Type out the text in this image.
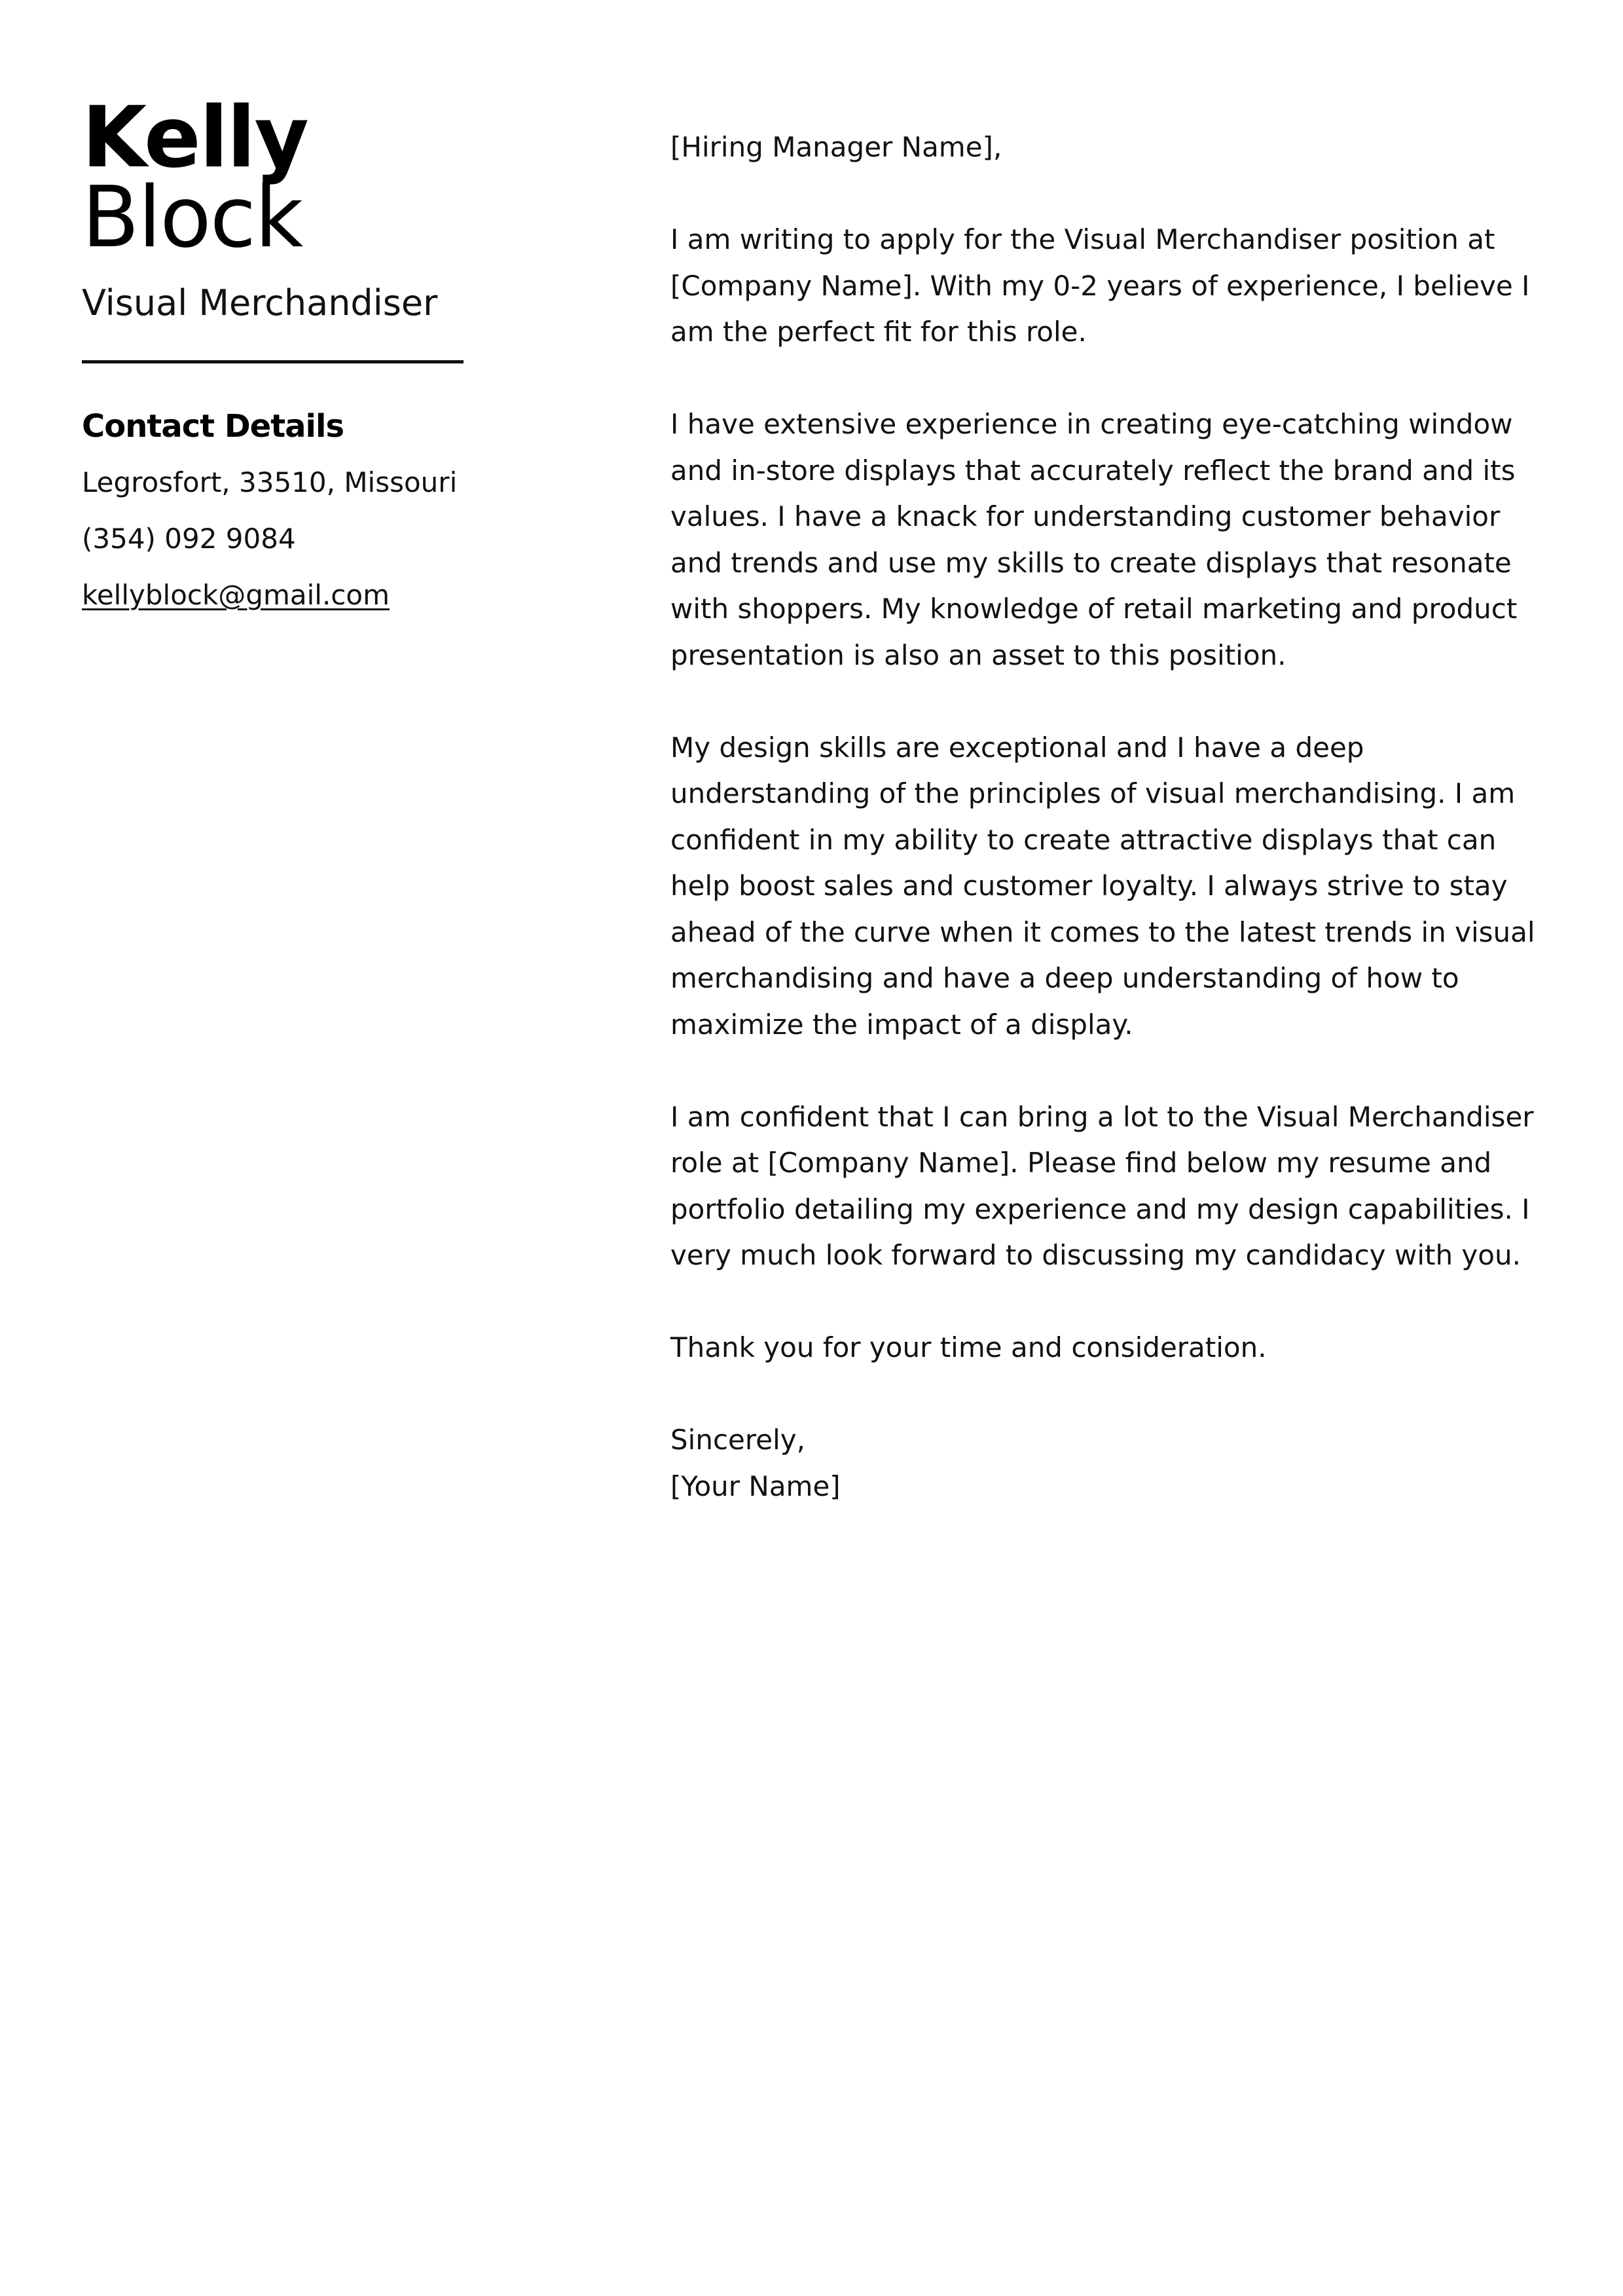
Kelly
Block
Visual Merchandiser
Contact Details
Legrosfort, 33510, Missouri
(354) 092 9084
kellyblock@gmail.com

[Hiring Manager Name],

I am writing to apply for the Visual Merchandiser position at [Company Name]. With my 0-2 years of experience, I believe I am the perfect fit for this role.

I have extensive experience in creating eye-catching window and in-store displays that accurately reflect the brand and its values. I have a knack for understanding customer behavior and trends and use my skills to create displays that resonate with shoppers. My knowledge of retail marketing and product presentation is also an asset to this position.

My design skills are exceptional and I have a deep understanding of the principles of visual merchandising. I am confident in my ability to create attractive displays that can help boost sales and customer loyalty. I always strive to stay ahead of the curve when it comes to the latest trends in visual merchandising and have a deep understanding of how to maximize the impact of a display.

I am confident that I can bring a lot to the Visual Merchandiser role at [Company Name]. Please find below my resume and portfolio detailing my experience and my design capabilities. I very much look forward to discussing my candidacy with you.

Thank you for your time and consideration.

Sincerely,

[Your Name]
